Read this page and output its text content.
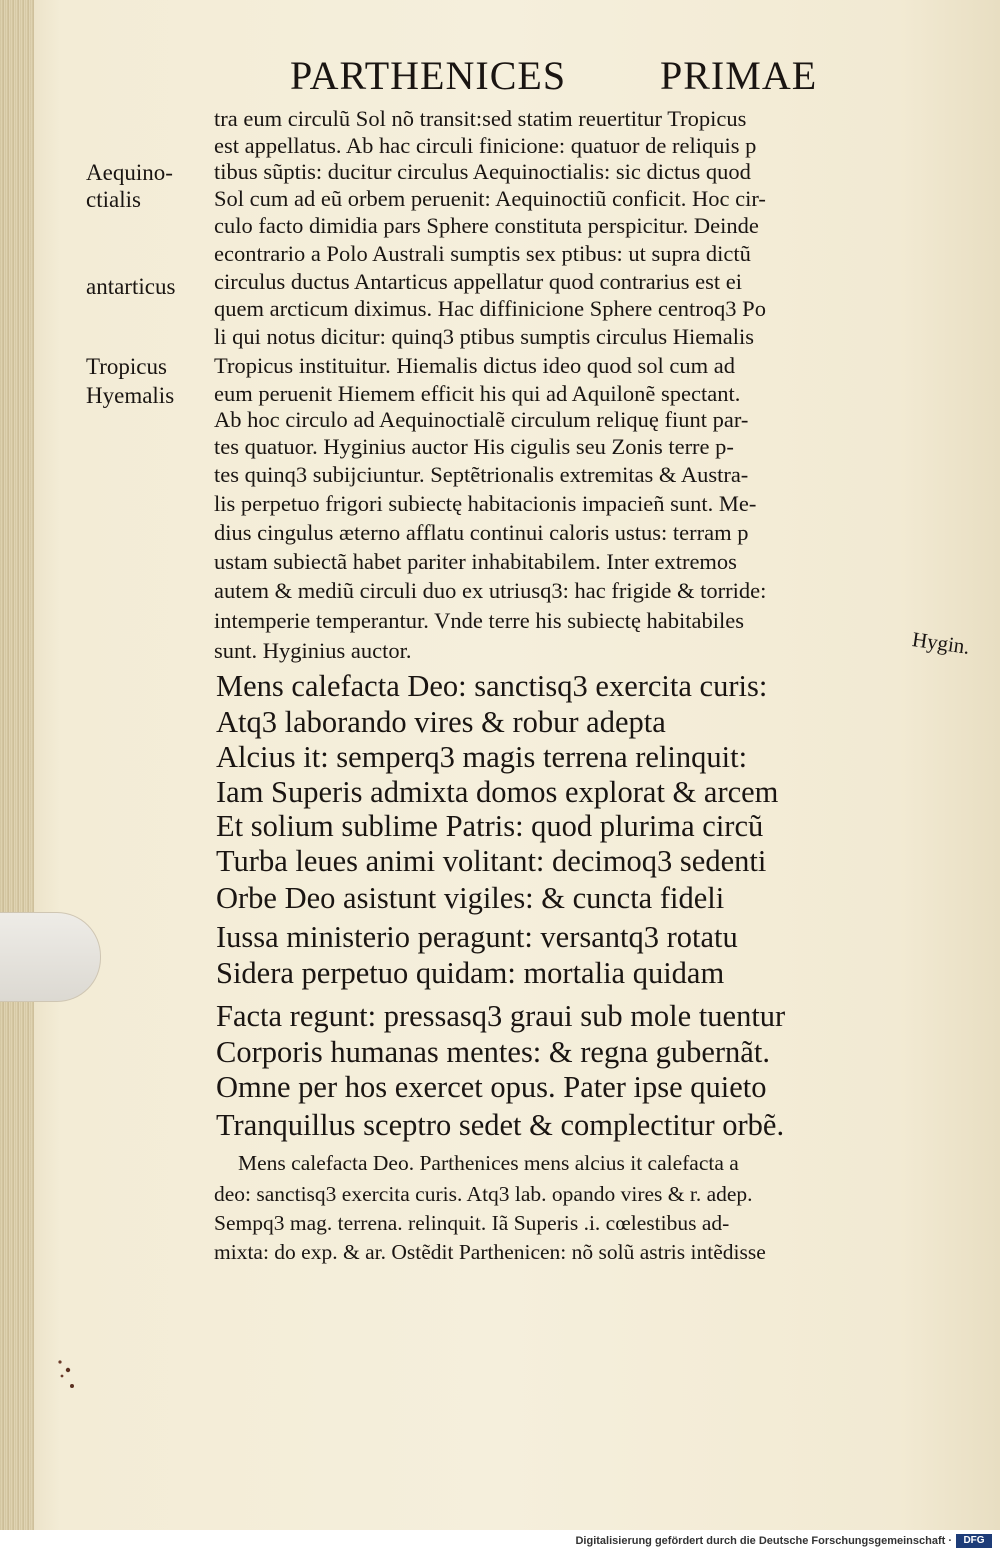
PARTHENICES PRIMAE
Aequino-
ctialis
antarticus
Tropicus
Hyemalis
Hygin.
tra eum circulũ Sol nõ transit:sed statim reuertitur Tropicus
est appellatus. Ab hac circuli finicione: quatuor de reliquis p
tibus sũptis: ducitur circulus Aequinoctialis: sic dictus quod
Sol cum ad eũ orbem peruenit: Aequinoctiũ conficit. Hoc cir-
culo facto dimidia pars Sphere constituta perspicitur. Deinde
econtrario a Polo Australi sumptis sex ptibus: ut supra dictũ
circulus ductus Antarticus appellatur quod contrarius est ei
quem arcticum diximus. Hac diffinicione Sphere centroq3 Po
li qui notus dicitur: quinq3 ptibus sumptis circulus Hiemalis
Tropicus instituitur. Hiemalis dictus ideo quod sol cum ad
eum peruenit Hiemem efficit his qui ad Aquilonẽ spectant.
Ab hoc circulo ad Aequinoctialẽ circulum reliquę fiunt par-
tes quatuor. Hyginius auctor His cigulis seu Zonis terre p-
tes quinq3 subijciuntur. Septẽtrionalis extremitas & Austra-
lis perpetuo frigori subiectę habitacionis impacieñ sunt. Me-
dius cingulus æterno afflatu continui caloris ustus: terram p
ustam subiectã habet pariter inhabitabilem. Inter extremos
autem & mediũ circuli duo ex utriusq3: hac frigide & torride:
intemperie temperantur. Vnde terre his subiectę habitabiles
sunt. Hyginius auctor.
Mens calefacta Deo: sanctisq3 exercita curis:
Atq3 laborando vires & robur adepta
Alcius it: semperq3 magis terrena relinquit:
Iam Superis admixta domos explorat & arcem
Et solium sublime Patris: quod plurima circũ
Turba leues animi volitant: decimoq3 sedenti
Orbe Deo asistunt vigiles: & cuncta fideli
Iussa ministerio peragunt: versantq3 rotatu
Sidera perpetuo quidam: mortalia quidam
Facta regunt: pressasq3 graui sub mole tuentur
Corporis humanas mentes: & regna gubernãt.
Omne per hos exercet opus. Pater ipse quieto
Tranquillus sceptro sedet & complectitur orbẽ.
Mens calefacta Deo. Parthenices mens alcius it calefacta a
deo: sanctisq3 exercita curis. Atq3 lab. opando vires & r. adep.
Sempq3 mag. terrena. relinquit. Iã Superis .i. cœlestibus ad-
mixta: do exp. & ar. Ostẽdit Parthenicen: nõ solũ astris intẽdisse
Digitalisierung gefördert durch die Deutsche Forschungsgemeinschaft ·	DFG
